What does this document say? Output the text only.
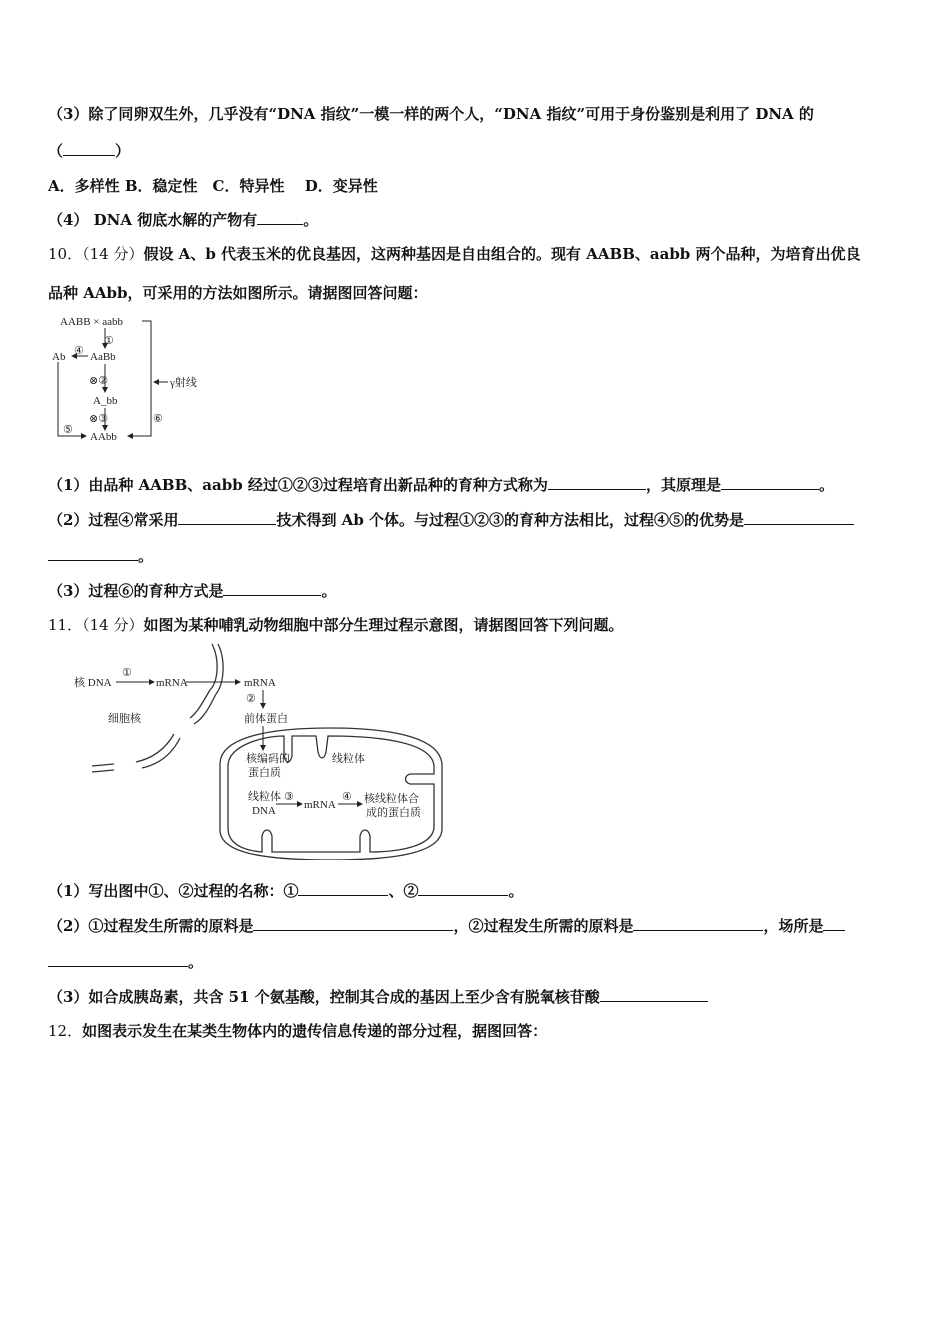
（3）除了同卵双生外，几乎没有“DNA 指纹”一模一样的两个人，“DNA 指纹”可用于身份鉴别是利用了 DNA 的
（	）
A．多样性 B．稳定性　C．特异性　 D．变异性
（4） DNA 彻底水解的产物有	。
10．（14 分）假设 A、b 代表玉米的优良基因，这两种基因是自由组合的。现有 AABB、aabb 两个品种，为培育出优良
品种 AAbb，可采用的方法如图所示。请据图回答问题：
AABB × aabb
①
AaBb
④
Ab
⊗②	γ射线
A_bb
⊗③
⑤
⑥
AAbb
（1）由品种 AABB、aabb 经过①②③过程培育出新品种的育种方式称为	，其原理是	。
（2）过程④常采用	技术得到 Ab 个体。与过程①②③的育种方法相比，过程④⑤的优势是
。
（3）过程⑥的育种方式是	。
11．（14 分）如图为某种哺乳动物细胞中部分生理过程示意图，请据图回答下列问题。
核 DNA
①
mRNA	mRNA
②
细胞核	前体蛋白
核编码的
蛋白质
线粒体
线粒体
DNA
③
mRNA
④ 核线粒体合
成的蛋白质
（1）写出图中①、②过程的名称：①	、②	。
（2）①过程发生所需的原料是	，②过程发生所需的原料是	，场所是
。
（3）如合成胰岛素，共含 51 个氨基酸，控制其合成的基因上至少含有脱氧核苷酸
12．如图表示发生在某类生物体内的遗传信息传递的部分过程，据图回答：
